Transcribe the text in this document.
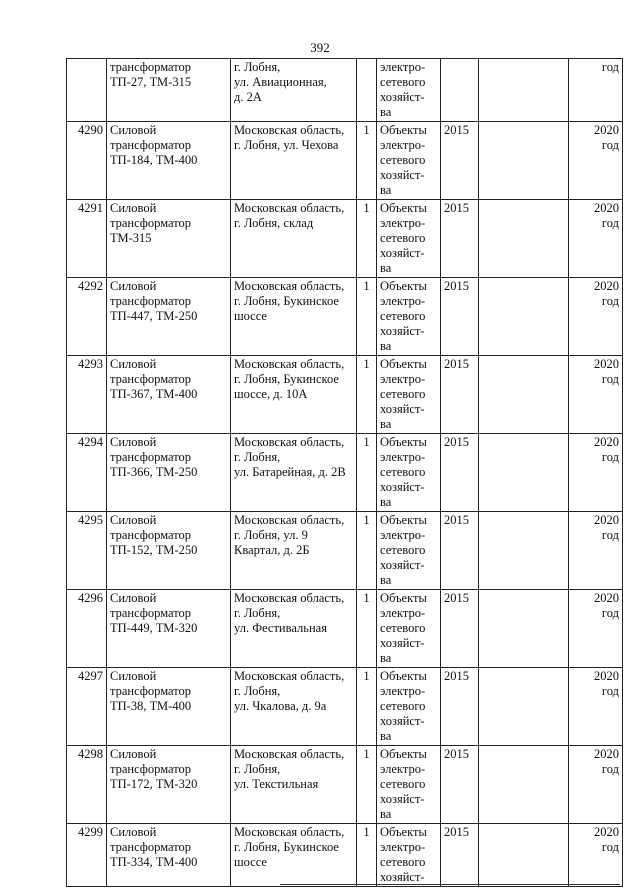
392
	трансформатор
ТП-27, ТМ-315	г. Лобня,
ул. Авиационная,
д. 2А		электро-
сетевого
хозяйст-
ва			год
4290	Силовой
трансформатор
ТП-184, ТМ-400	Московская область,
г. Лобня, ул. Чехова	1	Объекты
электро-
сетевого
хозяйст-
ва	2015		2020
год
4291	Силовой
трансформатор
ТМ-315	Московская область,
г. Лобня, склад	1	Объекты
электро-
сетевого
хозяйст-
ва	2015		2020
год
4292	Силовой
трансформатор
ТП-447, ТМ-250	Московская область,
г. Лобня, Букинское
шоссе	1	Объекты
электро-
сетевого
хозяйст-
ва	2015		2020
год
4293	Силовой
трансформатор
ТП-367, ТМ-400	Московская область,
г. Лобня, Букинское
шоссе, д. 10А	1	Объекты
электро-
сетевого
хозяйст-
ва	2015		2020
год
4294	Силовой
трансформатор
ТП-366, ТМ-250	Московская область,
г. Лобня,
ул. Батарейная, д. 2В	1	Объекты
электро-
сетевого
хозяйст-
ва	2015		2020
год
4295	Силовой
трансформатор
ТП-152, ТМ-250	Московская область,
г. Лобня, ул. 9
Квартал, д. 2Б	1	Объекты
электро-
сетевого
хозяйст-
ва	2015		2020
год
4296	Силовой
трансформатор
ТП-449, ТМ-320	Московская область,
г. Лобня,
ул. Фестивальная	1	Объекты
электро-
сетевого
хозяйст-
ва	2015		2020
год
4297	Силовой
трансформатор
ТП-38, ТМ-400	Московская область,
г. Лобня,
ул. Чкалова, д. 9а	1	Объекты
электро-
сетевого
хозяйст-
ва	2015		2020
год
4298	Силовой
трансформатор
ТП-172, ТМ-320	Московская область,
г. Лобня,
ул. Текстильная	1	Объекты
электро-
сетевого
хозяйст-
ва	2015		2020
год
4299	Силовой
трансформатор
ТП-334, ТМ-400	Московская область,
г. Лобня, Букинское
шоссе	1	Объекты
электро-
сетевого
хозяйст-	2015		2020
год
